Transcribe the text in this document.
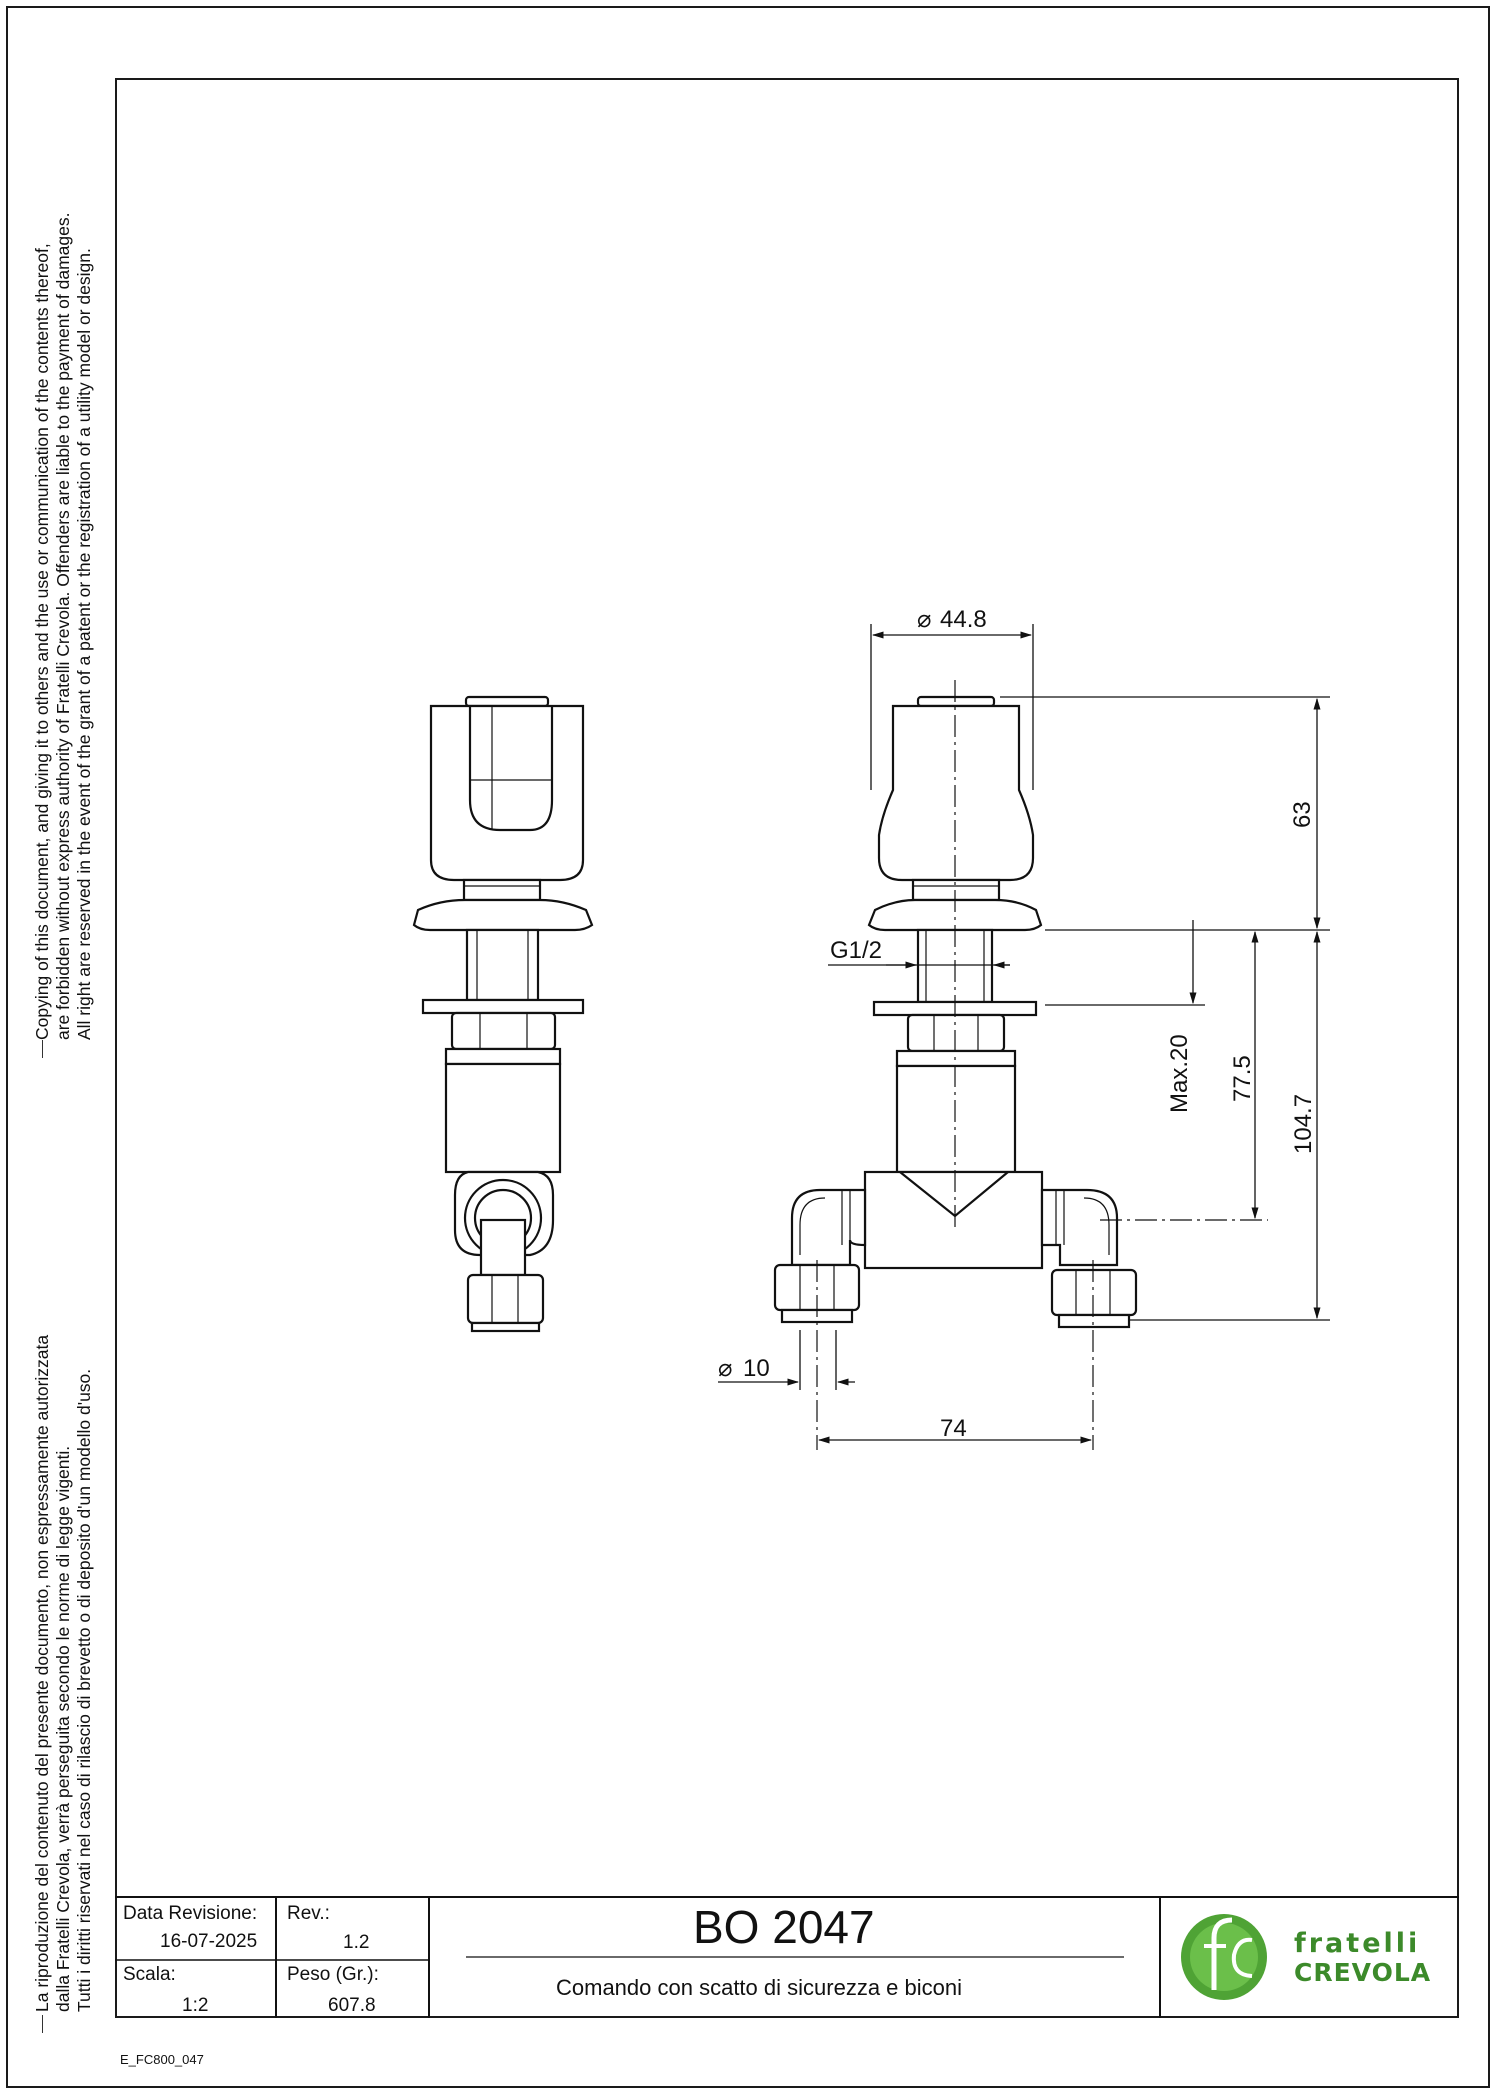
Copying of this document, and giving it to others and the use or communication of the contents thereof, are forbidden without express authority of Fratelli Crevola. Offenders are liable to the payment of damages. All right are reserved in the event of the grant of a patent or the registration of a utility model or design.
La riproduzione del contenuto del presente documento, non espressamente autorizzata dalla Fratelli Crevola, verrà perseguita secondo le norme di legge vigenti. Tutti i diritti riservati nel caso di rilascio di brevetto o di deposito d'un modello d'uso.
⌀ 44.8
63
G1/2
Max.20 77.5
104.7
⌀ 10
74
Data Revisione:
16-07-2025
Rev.:
1.2
Scala:
1:2
Peso (Gr.):
607.8
BO 2047
Comando con scatto di sicurezza e biconi
fratelli
CREVOLA
E_FC800_047
